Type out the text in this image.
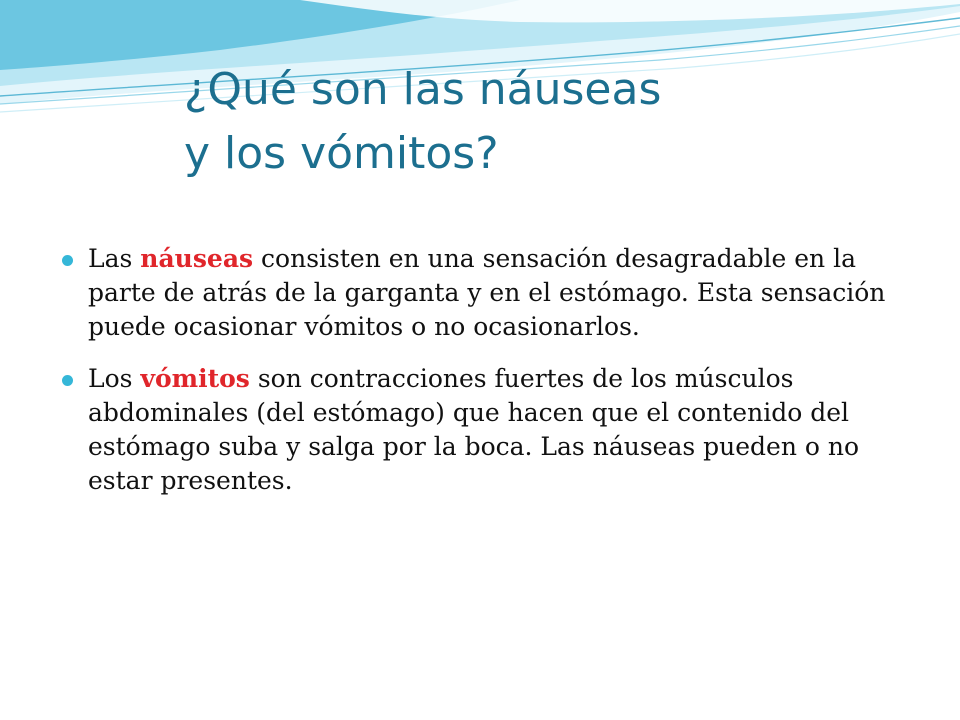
¿Qué son las náuseas
y los vómitos?
Las náuseas consisten en una sensación desagradable en la parte de atrás de la garganta y en el estómago. Esta sensación puede ocasionar vómitos o no ocasionarlos.
Los vómitos son contracciones fuertes de los músculos abdominales (del estómago) que hacen que el contenido del estómago suba y salga por la boca. Las náuseas pueden o no estar presentes.
